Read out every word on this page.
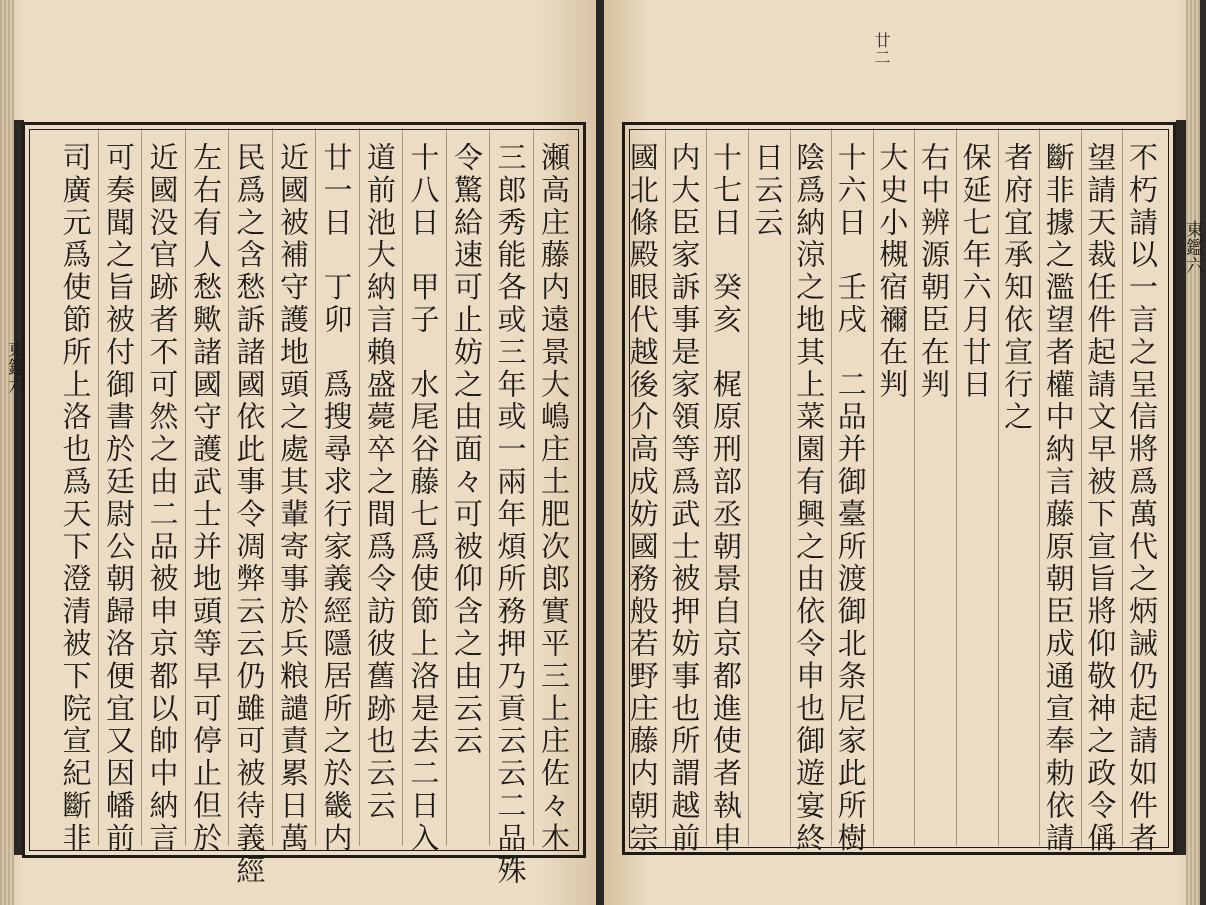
廿二
東鑑六
東鑑六	不朽請以一言之呈信將爲萬代之炳誡仍起請如件者
望請天裁任件起請文早被下宣旨將仰敬神之政令偁
斷非據之濫望者權中納言藤原朝臣成通宣奉勅依請
者府宜承知依宣行之
保延七年六月廿日
右中辨源朝臣在判
大史小槻宿禰在判
十六日　壬戌　二品并御臺所渡御北条尼家此所樹
陰爲納涼之地其上菜園有興之由依令申也御遊宴終
日云云
十七日　癸亥　梶原刑部丞朝景自京都進使者執申
内大臣家訴事是家領等爲武士被押妨事也所謂越前
國北條殿眼代越後介高成妨國務般若野庄藤内朝宗
瀬高庄藤内遠景大嶋庄土肥次郎實平三上庄佐々木
三郎秀能各或三年或一兩年煩所務押乃貢云云二品殊
令驚給速可止妨之由面々可被仰含之由云云
十八日　甲子　水尾谷藤七爲使節上洛是去二日入
道前池大納言賴盛薨卒之間爲令訪彼舊跡也云云
廿一日　丁卯　爲搜尋求行家義經隱居所之於畿内
近國被補守護地頭之處其輩寄事於兵粮譴責累日萬
民爲之含愁訴諸國依此事令凋弊云云仍雖可被待義經
左右有人愁歟諸國守護武士并地頭等早可停止但於
近國没官跡者不可然之由二品被申京都以帥中納言
可奏聞之旨被付御書於廷尉公朝歸洛便宜又因幡前
司廣元爲使節所上洛也爲天下澄清被下院宣紀斷非
